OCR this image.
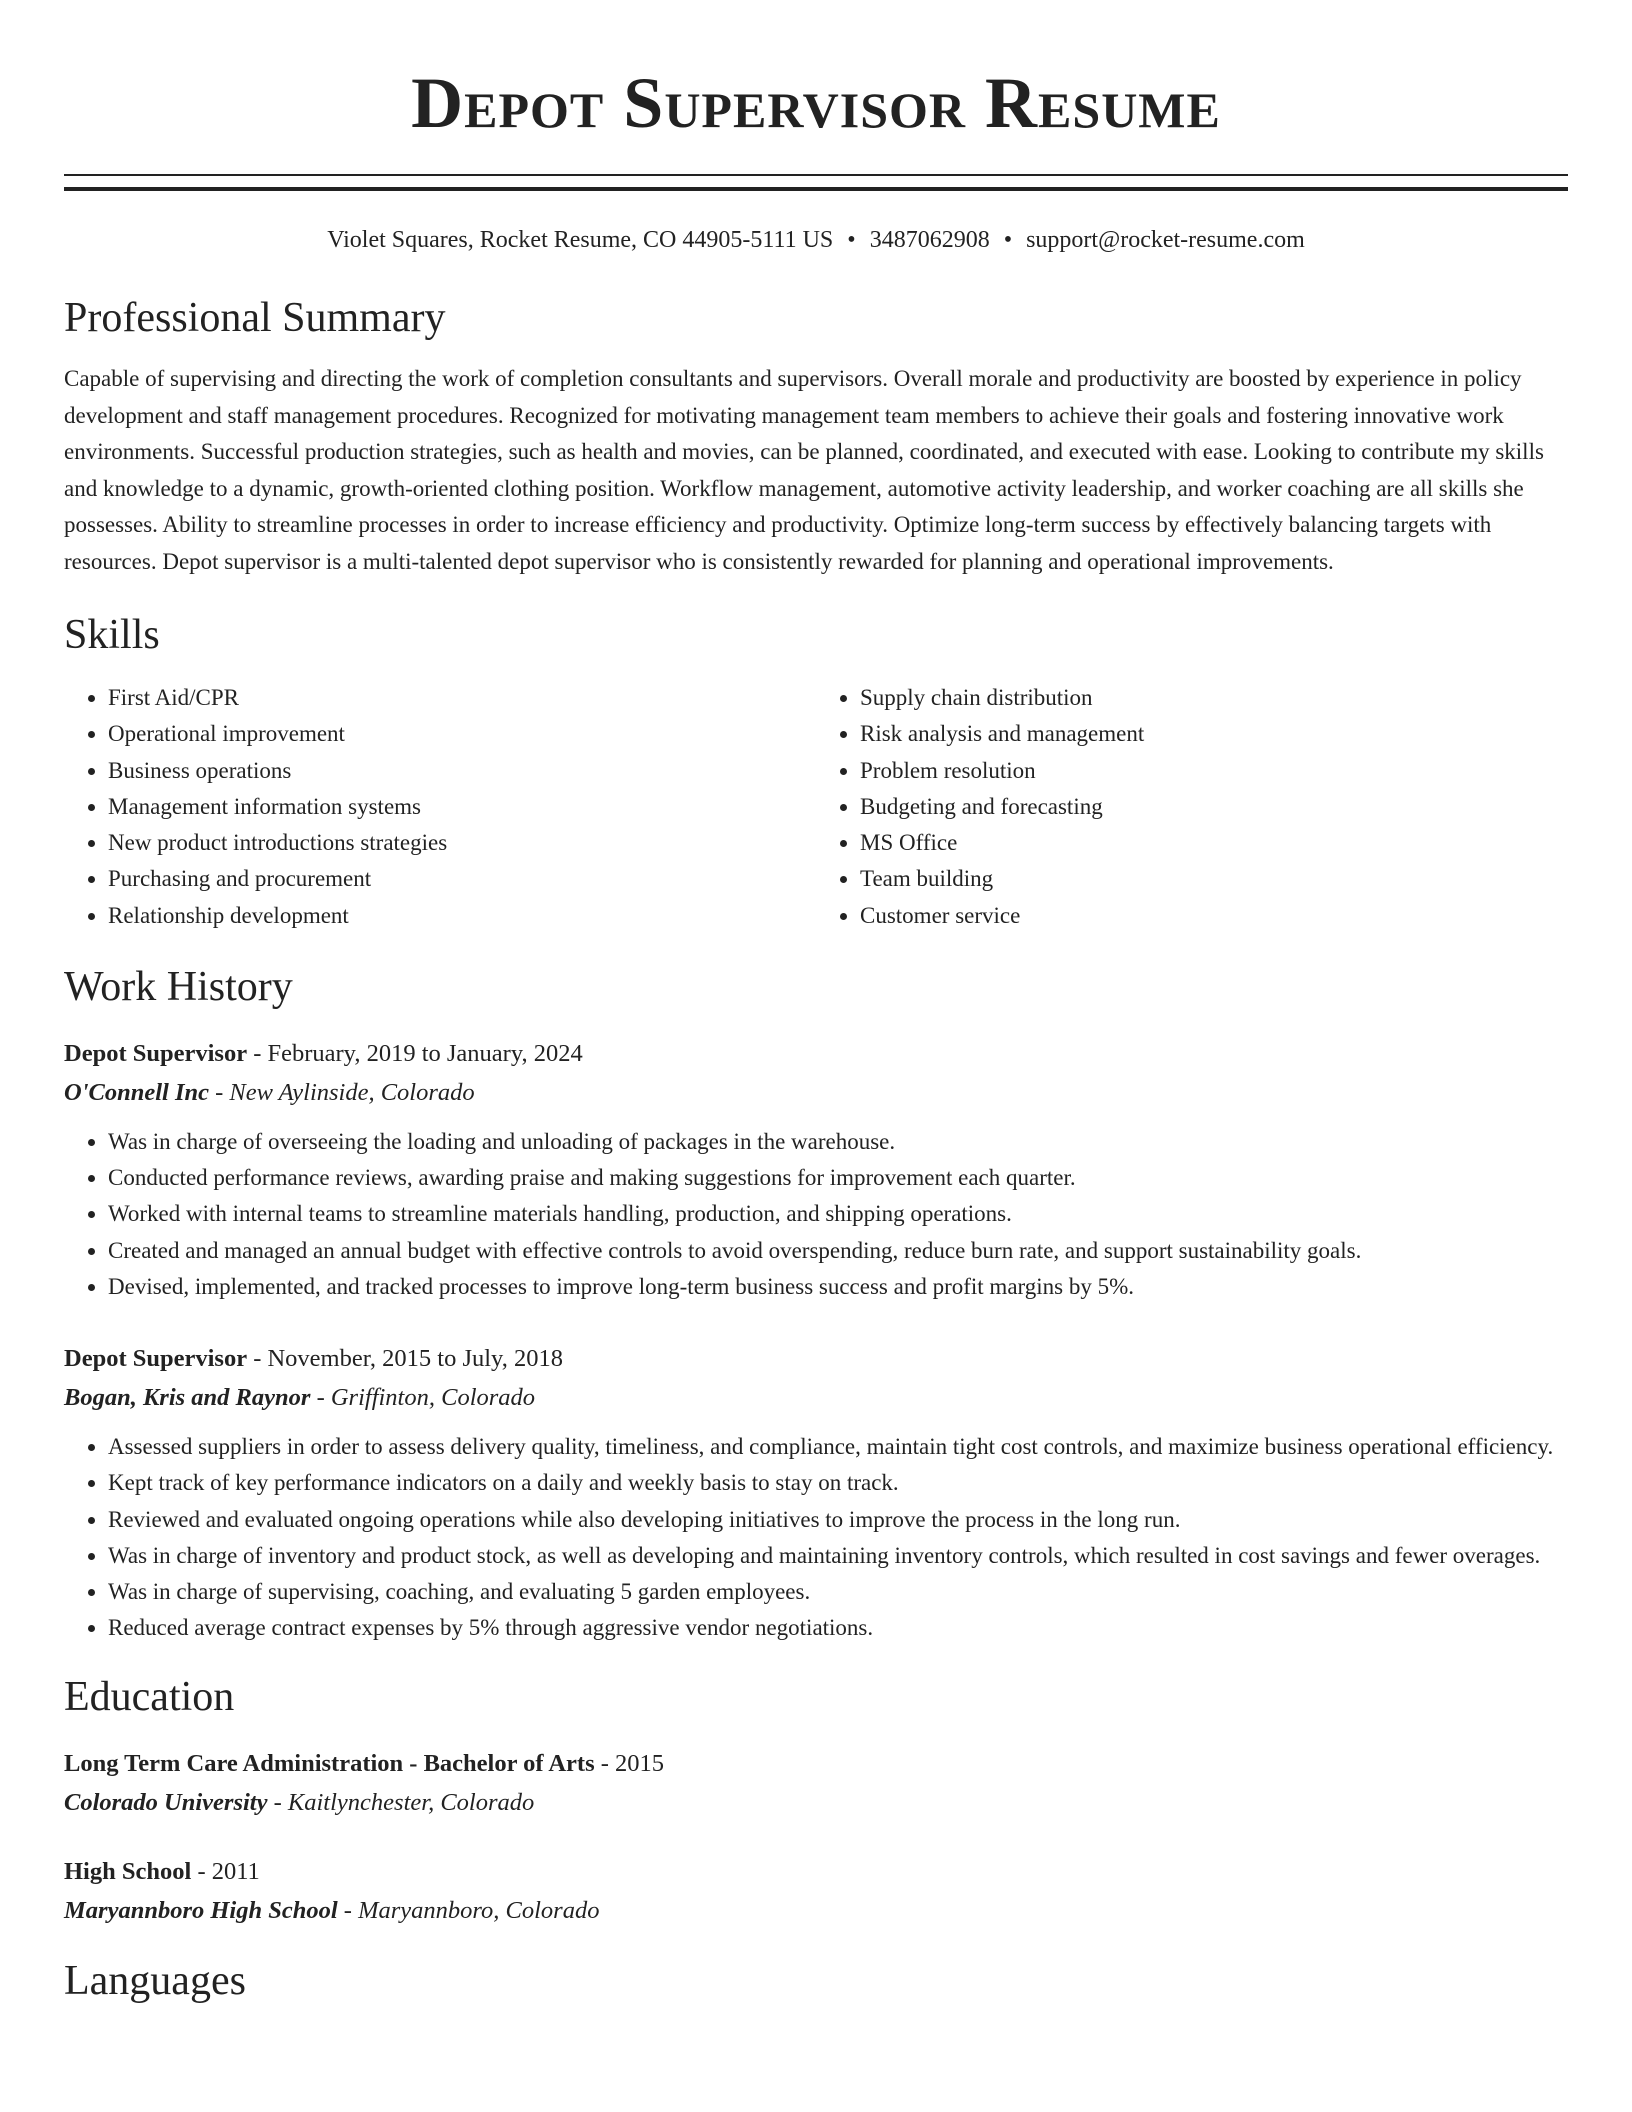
Depot Supervisor Resume
Violet Squares, Rocket Resume, CO 44905-5111 US • 3487062908 • support@rocket-resume.com
Professional Summary
Capable of supervising and directing the work of completion consultants and supervisors. Overall morale and productivity are boosted by experience in policy development and staff management procedures. Recognized for motivating management team members to achieve their goals and fostering innovative work environments. Successful production strategies, such as health and movies, can be planned, coordinated, and executed with ease. Looking to contribute my skills and knowledge to a dynamic, growth-oriented clothing position. Workflow management, automotive activity leadership, and worker coaching are all skills she possesses. Ability to streamline processes in order to increase efficiency and productivity. Optimize long-term success by effectively balancing targets with resources. Depot supervisor is a multi-talented depot supervisor who is consistently rewarded for planning and operational improvements.
Skills
• First Aid/CPR
• Operational improvement
• Business operations
• Management information systems
• New product introductions strategies
• Purchasing and procurement
• Relationship development
• Supply chain distribution
• Risk analysis and management
• Problem resolution
• Budgeting and forecasting
• MS Office
• Team building
• Customer service
Work History
Depot Supervisor - February, 2019 to January, 2024
O'Connell Inc - New Aylinside, Colorado
• Was in charge of overseeing the loading and unloading of packages in the warehouse.
• Conducted performance reviews, awarding praise and making suggestions for improvement each quarter.
• Worked with internal teams to streamline materials handling, production, and shipping operations.
• Created and managed an annual budget with effective controls to avoid overspending, reduce burn rate, and support sustainability goals.
• Devised, implemented, and tracked processes to improve long-term business success and profit margins by 5%.
Depot Supervisor - November, 2015 to July, 2018
Bogan, Kris and Raynor - Griffinton, Colorado
• Assessed suppliers in order to assess delivery quality, timeliness, and compliance, maintain tight cost controls, and maximize business operational efficiency.
• Kept track of key performance indicators on a daily and weekly basis to stay on track.
• Reviewed and evaluated ongoing operations while also developing initiatives to improve the process in the long run.
• Was in charge of inventory and product stock, as well as developing and maintaining inventory controls, which resulted in cost savings and fewer overages.
• Was in charge of supervising, coaching, and evaluating 5 garden employees.
• Reduced average contract expenses by 5% through aggressive vendor negotiations.
Education
Long Term Care Administration - Bachelor of Arts - 2015
Colorado University - Kaitlynchester, Colorado
High School - 2011
Maryannboro High School - Maryannboro, Colorado
Languages
